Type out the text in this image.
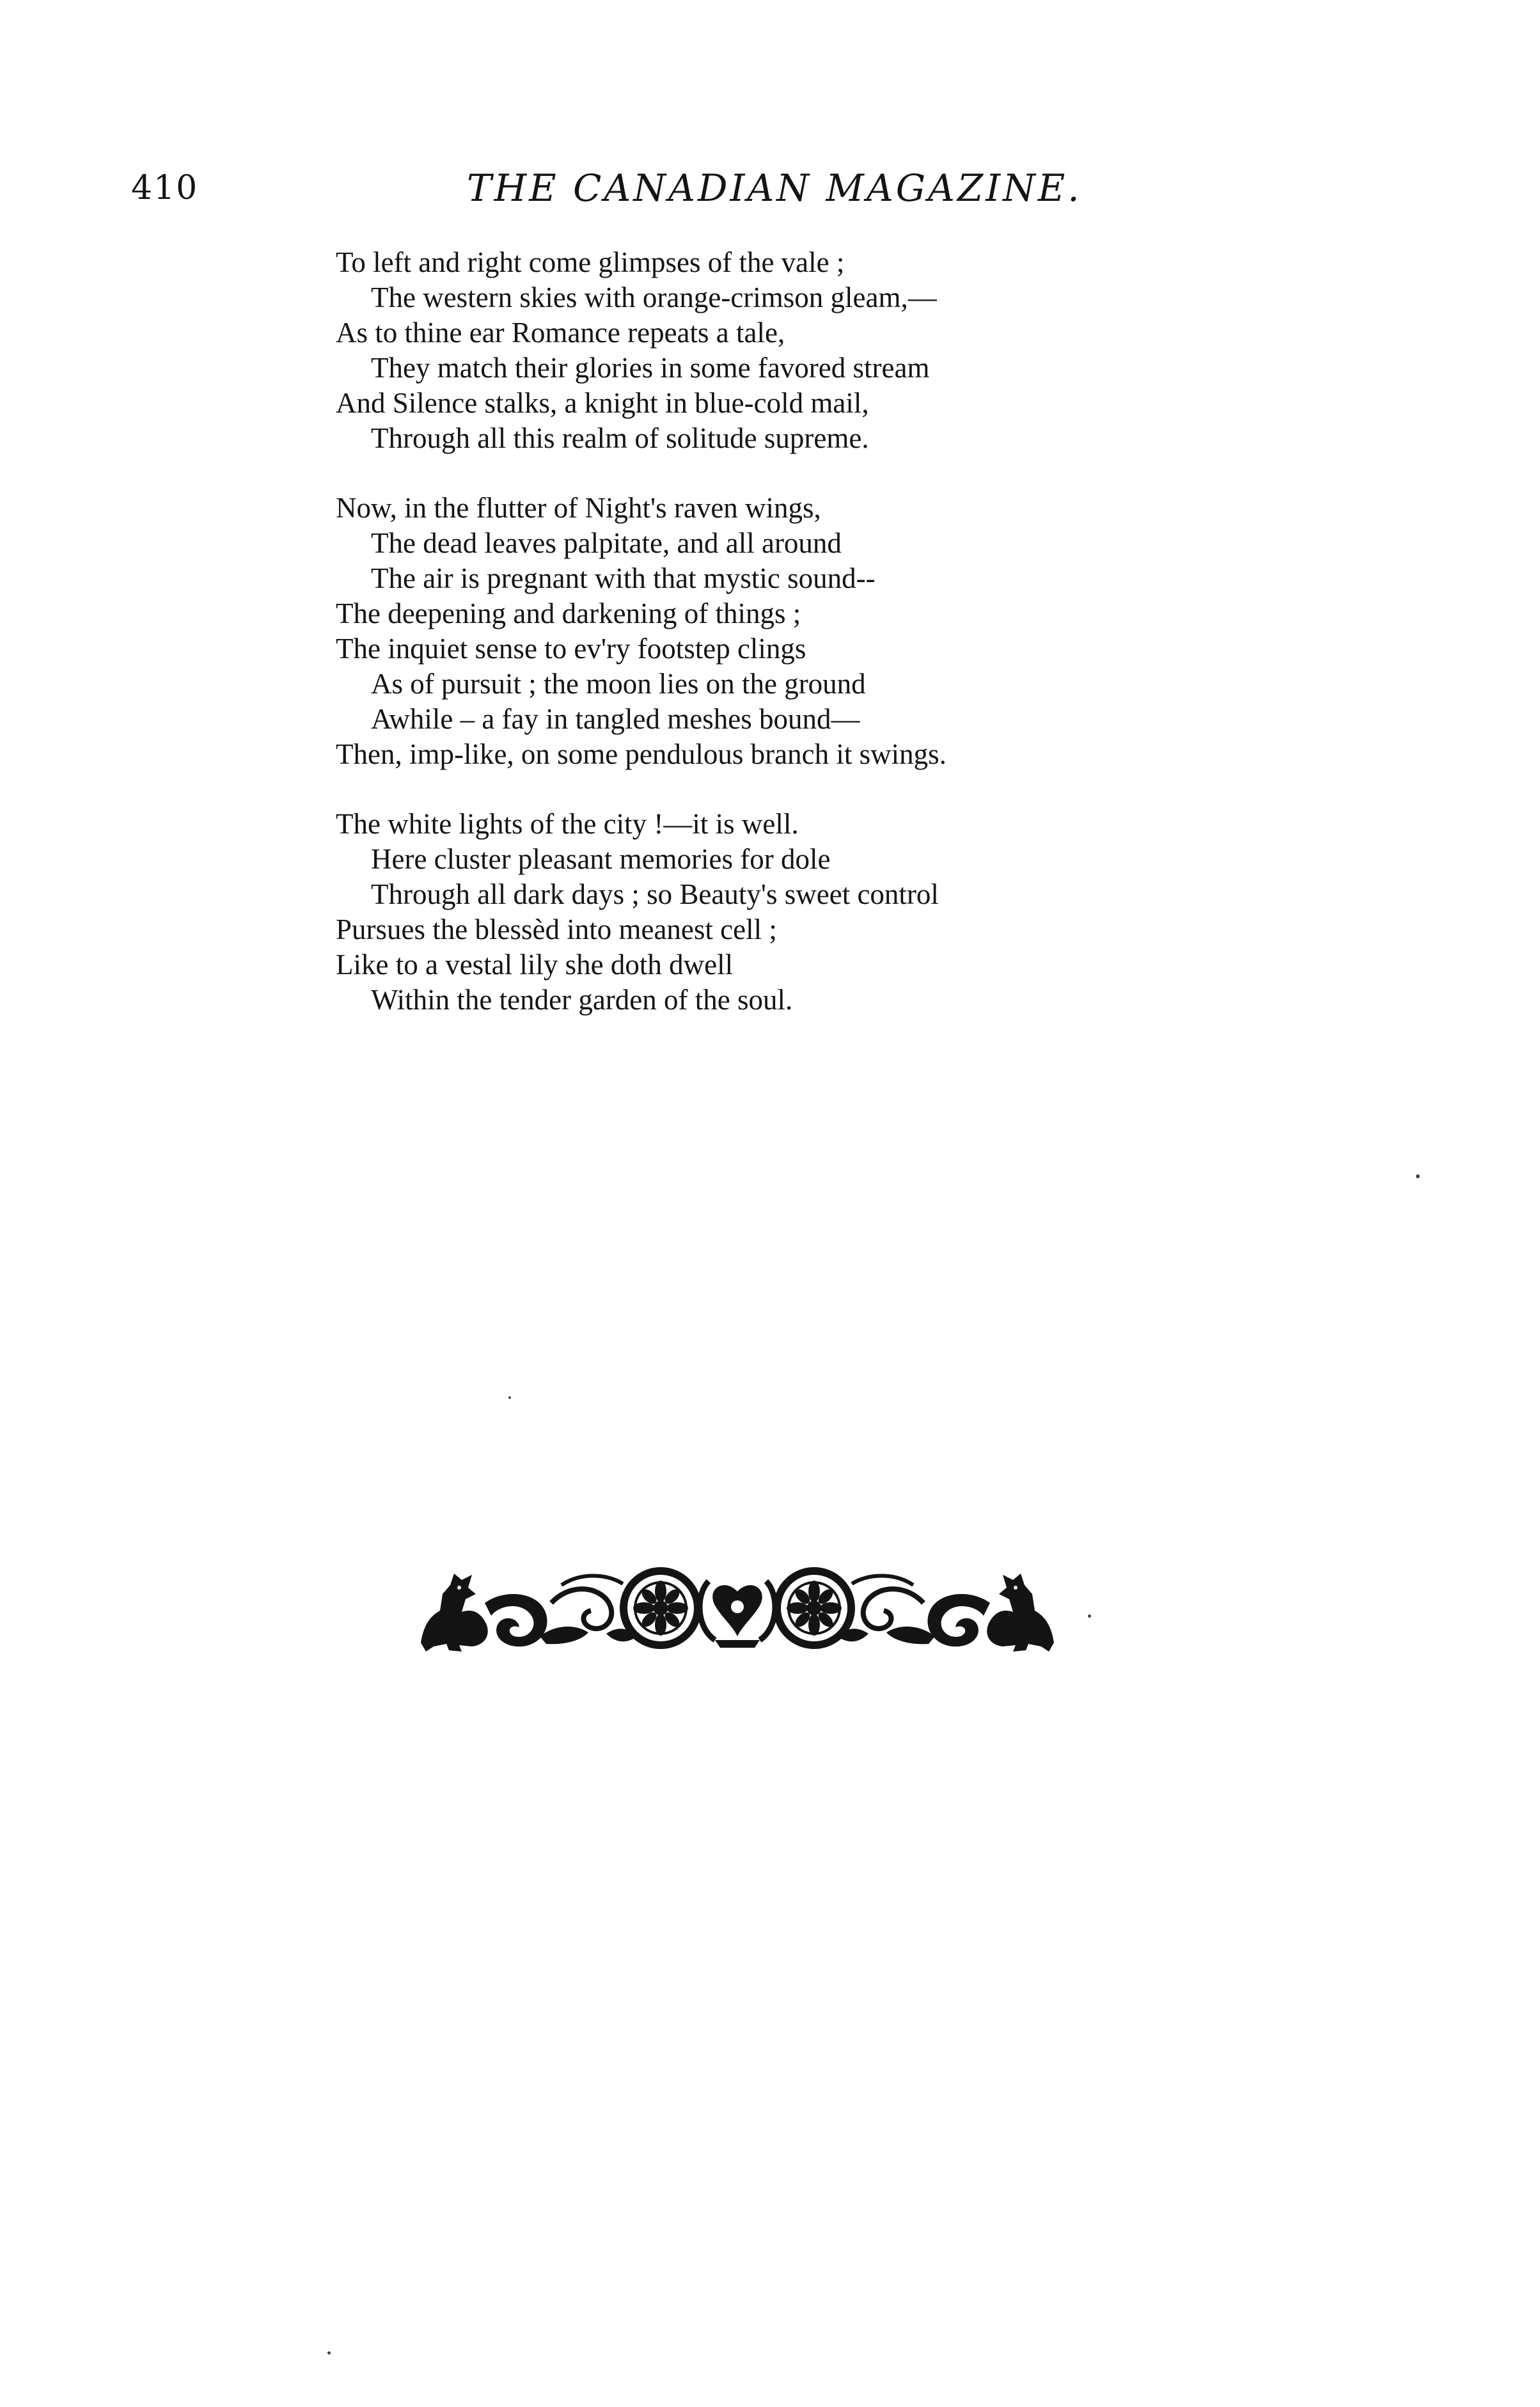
410	THE CANADIAN MAGAZINE.
To left and right come glimpses of the vale ;
The western skies with orange-crimson gleam,—
As to thine ear Romance repeats a tale,
They match their glories in some favored stream
And Silence stalks, a knight in blue-cold mail,
Through all this realm of solitude supreme.
Now, in the flutter of Night's raven wings,
The dead leaves palpitate, and all around
The air is pregnant with that mystic sound--
The deepening and darkening of things ;
The inquiet sense to ev'ry footstep clings
As of pursuit ; the moon lies on the ground
Awhile – a fay in tangled meshes bound—
Then, imp-like, on some pendulous branch it swings.
The white lights of the city !—it is well.
Here cluster pleasant memories for dole
Through all dark days ; so Beauty's sweet control
Pursues the blessèd into meanest cell ;
Like to a vestal lily she doth dwell
Within the tender garden of the soul.
